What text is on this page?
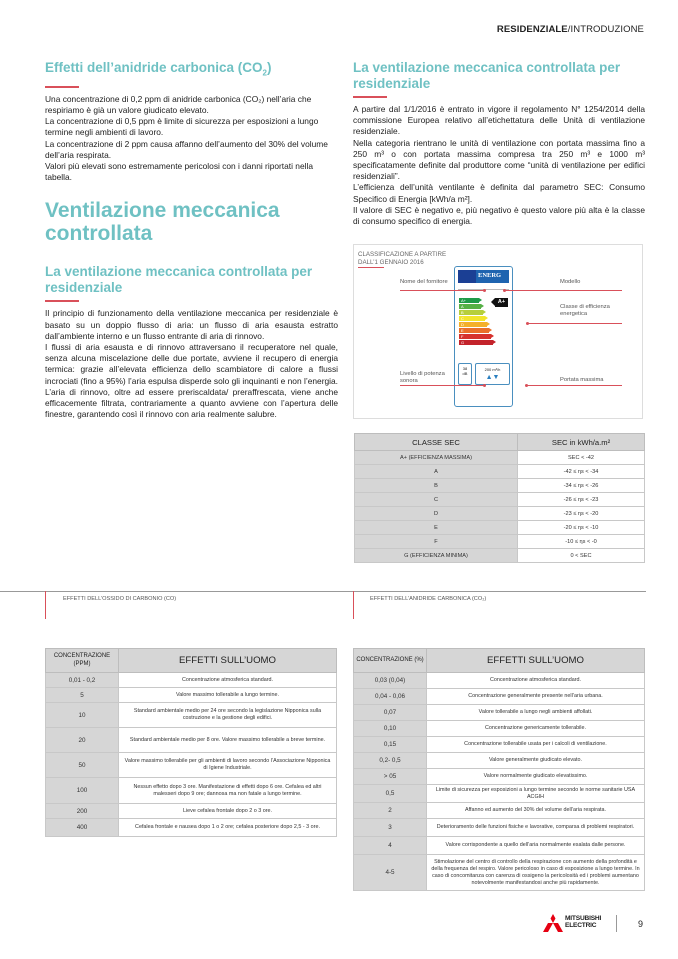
RESIDENZIALE/INTRODUZIONE
Effetti dell’anidride carbonica $(CO_2)$

Una concentrazione di 0,2 ppm di anidride carbonica (CO₂) nell’aria che respiriamo è già un valore giudicato elevato.

La concentrazione di 0,5 ppm è limite di sicurezza per esposizioni a lungo termine negli ambienti di lavoro.

La concentrazione di 2 ppm causa affanno dell’aumento del 30% del volume dell’aria respirata.

Valori più elevati sono estremamente pericolosi con i danni riportati nella tabella.

Ventilazione meccanica controllata
La ventilazione meccanica controllata per residenziale

Il principio di funzionamento della ventilazione meccanica per residenziale è basato su un doppio flusso di aria: un flusso di aria esausta estratto dall’ambiente interno e un flusso entrante di aria di rinnovo.

I flussi di aria esausta e di rinnovo attraversano il recuperatore nel quale, senza alcuna miscelazione delle due portate, avviene il recupero di energia termica: grazie all’elevata efficienza dello scambiatore di calore a flussi incrociati (fino a 95%) l’aria espulsa disperde solo gli inquinanti e non l’energia. L’aria di rinnovo, oltre ad essere preriscaldata/ preraffrescata, viene anche efficacemente filtrata, contrariamente a quanto avviene con l’apertura delle finestre, garantendo così il rinnovo con aria realmente salubre.

La ventilazione meccanica controllata per residenziale

A partire dal 1/1/2016 è entrato in vigore il regolamento N° 1254/2014 della commissione Europea relativo all’etichettatura delle Unità di ventilazione residenziale.

Nella categoria rientrano le unità di ventilazione con portata massima fino a 250 m³ o con portata massima compresa tra 250 m³ e 1000 m³ specificatamente definite dal produttore come “unità di ventilazione per edifici residenziali”.

L’efficienza dell’unità ventilante è definita dal parametro SEC: Consumo Specifico di Energia [kWh/a m²].

Il valore di SEC è negativo e, più negativo è questo valore più alta è la classe di consumo specifico di energia.

CLASSIFICAZIONE A PARTIRE DALL’1 GENNAIO 2016
ENERG
A+
A
B
C
D
E
F
G
A+
38
dB
200 m³/h
▲▼
Nome del fornitore	Modello
Classe di efficienza energetica
Livello di potenza sonora	Portata massima
CLASSE SEC	SEC in kWh/a.m²
A+ (EFFICIENZA MASSIMA)	SEC < -42
A	-42 ≤ ηs < -34
B	-34 ≤ ηs < -26
C	-26 ≤ ηs < -23
D	-23 ≤ ηs < -20
E	-20 ≤ ηs < -10
F	-10 ≤ ηs < -0
G (EFFICIENZA MINIMA)	0 < SEC
EFFETTI DELL’OSSIDO DI CARBONIO (CO)	EFFETTI DELL’ANIDRIDE CARBONICA (CO₂)
CONCENTRAZIONE (PPM)	EFFETTI SULL’UOMO
0,01 - 0,2	Concentrazione atmosferica standard.
5	Valore massimo tollerabile a lungo termine.
10	Standard ambientale medio per 24 ore secondo la legislazione Nipponica sulla costruzione e la gestione degli edifici.
20	Standard ambientale medio per 8 ore. Valore massimo tollerabile a breve termine.
50	Valore massimo tollerabile per gli ambienti di lavoro secondo l’Associazione Nipponica di Igiene Industriale.
100	Nessun effetto dopo 3 ore. Manifestazione di effetti dopo 6 ore. Cefalea ed altri malesseri dopo 9 ore; dannosa ma non fatale a lungo termine.
200	Lieve cefalea frontale dopo 2 o 3 ore.
400	Cefalea frontale e nausea dopo 1 o 2 ore; cefalea posteriore dopo 2,5 - 3 ore.
CONCENTRAZIONE (%)	EFFETTI SULL’UOMO
0,03 (0,04)	Concentrazione atmosferica standard.
0,04 - 0,06	Concentrazione generalmente presente nell’aria urbana.
0,07	Valore tollerabile a lungo negli ambienti affollati.
0,10	Concentrazione genericamente tollerabile.
0,15	Concentrazione tollerabile usata per i calcoli di ventilazione.
0,2- 0,5	Valore generalmente giudicato elevato.
> 05	Valore normalmente giudicato elevatissimo.
0,5	Limite di sicurezza per esposizioni a lungo termine secondo le norme sanitarie USA ACGIH
2	Affanno ed aumento del 30% del volume dell’aria respirata.
3	Deterioramento delle funzioni fisiche e lavorative, comparsa di problemi respiratori.
4	Valore corrispondente a quello dell’aria normalmente esalata dalle persone.
4-5	Stimolazione del centro di controllo della respirazione con aumento della profondità e della frequenza del respiro. Valore pericoloso in caso di esposizione a lungo termine. In caso di concomitanza con carenza di ossigeno la pericolosità ed i problemi aumentano notevolmente manifestandosi anche più rapidamente.
MITSUBISHI
ELECTRIC	9
